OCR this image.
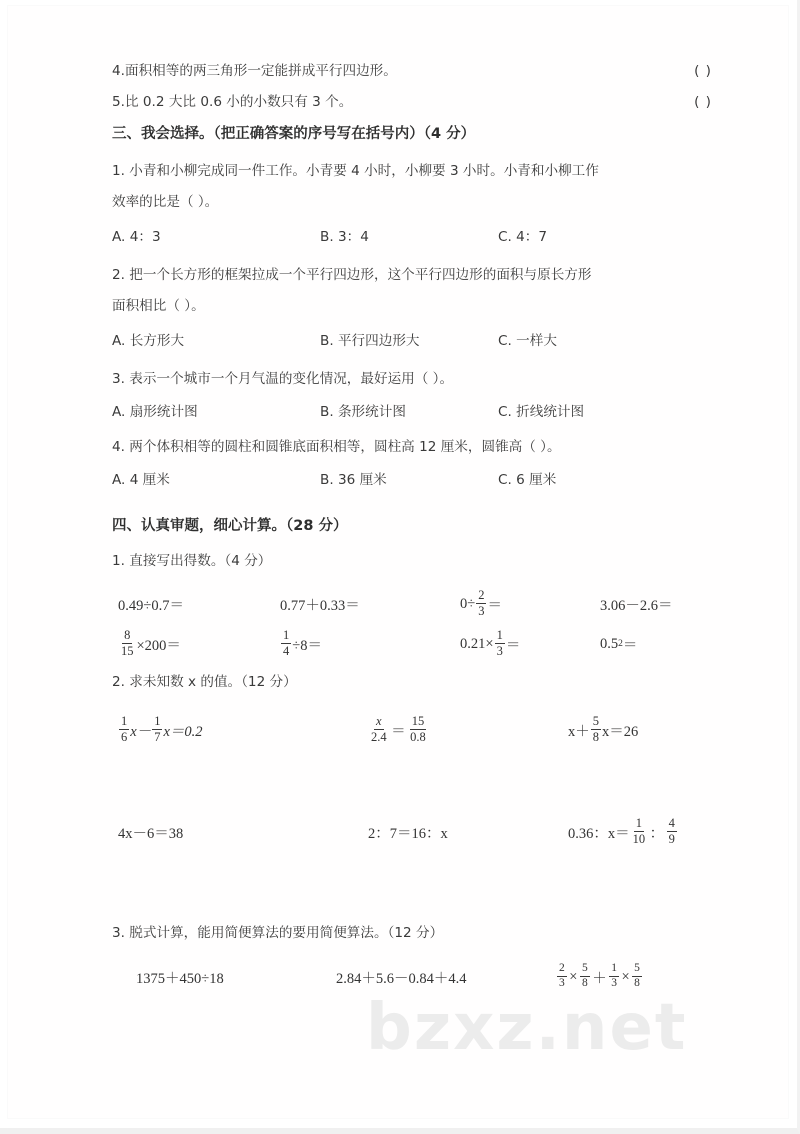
4. 面积相等的两三角形一定能拼成平行四边形。 ·····	( )
5. 比 0.2 大比 0.6 小的小数只有 3 个。 ·····	( )
三、我会选择。（把正确答案的序号写在括号内）（4 分）
1. 小青和小柳完成同一件工作。小青要 4 小时，小柳要 3 小时。小青和小柳工作
效率的比是（ ）。
A. 4：3	B. 3：4	C. 4：7
2. 把一个长方形的框架拉成一个平行四边形，这个平行四边形的面积与原长方形
面积相比（ ）。
A. 长方形大	B. 平行四边形大	C. 一样大
3. 表示一个城市一个月气温的变化情况，最好运用（ ）。
A. 扇形统计图	B. 条形统计图	C. 折线统计图
4. 两个体积相等的圆柱和圆锥底面积相等，圆柱高 12 厘米，圆锥高（ ）。
A. 4 厘米	B. 36 厘米	C. 6 厘米
四、认真审题，细心计算。（28 分）
1. 直接写出得数。（4 分）
0.49÷0.7＝	0.77＋0.33＝	$0\div \frac{2}{3}$ ＝	3.06－2.6＝
$\frac{8}{15} \times 200=$	$\frac{1}{4} \div 8=$	$0.21\times \frac{1}{3}$ ＝	0.5 2 ＝
2. 求未知数 x 的值。（12 分）
$\frac{1}{6} x- \frac{1}{7} x=0.2$	$\frac{x}{2.4} = \frac{15}{0.8}$	$x+ \frac{5}{8} x=26$
4x－6＝38	2：7＝16：x	0.36：$x= \frac{1}{10}$ ： $\frac{4}{9}$
3. 脱式计算，能用简便算法的要用简便算法。（12 分）
1375＋450÷18	2.84＋5.6－0.84＋4.4	$\frac{2}{3} \times \frac{5}{8} + \frac{1}{3} \times \frac{5}{8}$
bzxz.net
